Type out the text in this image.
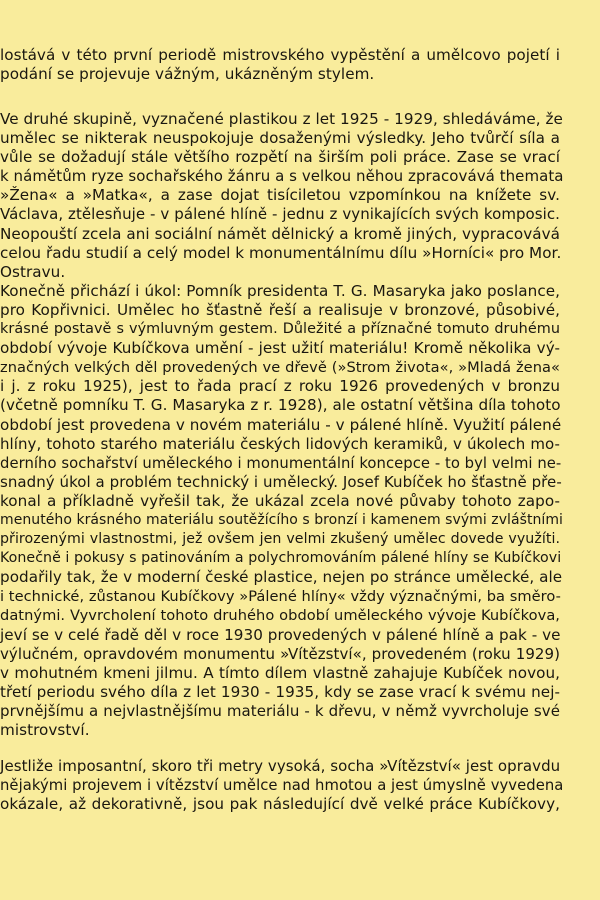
lostává v této první periodě mistrovského vypěstění a umělcovo pojetí i
podání se projevuje vážným, ukázněným stylem.
Ve druhé skupině, vyznačené plastikou z let 1925 - 1929, shledáváme, že
umělec se nikterak neuspokojuje dosaženými výsledky. Jeho tvůrčí síla a
vůle se dožadují stále většího rozpětí na širším poli práce. Zase se vrací
k námětům ryze sochařského žánru a s velkou něhou zpracovává themata
»Žena« a »Matka«, a zase dojat tisíciletou vzpomínkou na knížete sv.
Václava, ztělesňuje - v pálené hlíně - jednu z vynikajících svých komposic.
Neopouští zcela ani sociální námět dělnický a kromě jiných, vypracovává
celou řadu studií a celý model k monumentálnímu dílu »Horníci« pro Mor.
Ostravu.
Konečně přichází i úkol: Pomník presidenta T. G. Masaryka jako poslance,
pro Kopřivnici. Umělec ho šťastně řeší a realisuje v bronzové, působivé,
krásné postavě s výmluvným gestem. Důležité a příznačné tomuto druhému
období vývoje Kubíčkova umění - jest užití materiálu! Kromě několika vý-
značných velkých děl provedených ve dřevě (»Strom života«, »Mladá žena«
i j. z roku 1925), jest to řada prací z roku 1926 provedených v bronzu
(včetně pomníku T. G. Masaryka z r. 1928), ale ostatní většina díla tohoto
období jest provedena v novém materiálu - v pálené hlíně. Využití pálené
hlíny, tohoto starého materiálu českých lidových keramiků, v úkolech mo-
derního sochařství uměleckého i monumentální koncepce - to byl velmi ne-
snadný úkol a problém technický i umělecký. Josef Kubíček ho šťastně pře-
konal a příkladně vyřešil tak, že ukázal zcela nové půvaby tohoto zapo-
menutého krásného materiálu soutěžícího s bronzí i kamenem svými zvláštními
přirozenými vlastnostmi, jež ovšem jen velmi zkušený umělec dovede využíti.
Konečně i pokusy s patinováním a polychromováním pálené hlíny se Kubíčkovi
podařily tak, že v moderní české plastice, nejen po stránce umělecké, ale
i technické, zůstanou Kubíčkovy »Pálené hlíny« vždy význačnými, ba směro-
datnými. Vyvrcholení tohoto druhého období uměleckého vývoje Kubíčkova,
jeví se v celé řadě děl v roce 1930 provedených v pálené hlíně a pak - ve
výlučném, opravdovém monumentu »Vítězství«, provedeném (roku 1929)
v mohutném kmeni jilmu. A tímto dílem vlastně zahajuje Kubíček novou,
třetí periodu svého díla z let 1930 - 1935, kdy se zase vrací k svému nej-
prvnějšímu a nejvlastnějšímu materiálu - k dřevu, v němž vyvrcholuje své
mistrovství.
Jestliže imposantní, skoro tři metry vysoká, socha »Vítězství« jest opravdu
nějakými projevem i vítězství umělce nad hmotou a jest úmyslně vyvedena
okázale, až dekorativně, jsou pak následující dvě velké práce Kubíčkovy,
